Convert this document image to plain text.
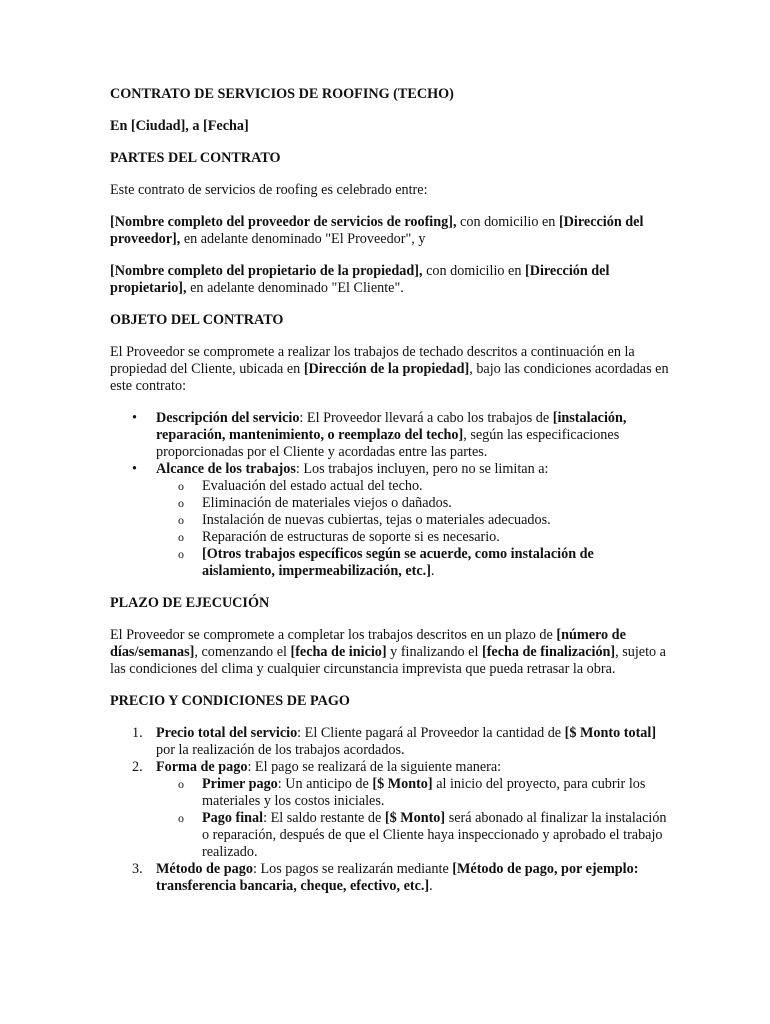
CONTRATO DE SERVICIOS DE ROOFING (TECHO)

En [Ciudad], a [Fecha]

PARTES DEL CONTRATO

Este contrato de servicios de roofing es celebrado entre:

[Nombre completo del proveedor de servicios de roofing], con domicilio en [Dirección del proveedor], en adelante denominado "El Proveedor", y

[Nombre completo del propietario de la propiedad], con domicilio en [Dirección del propietario], en adelante denominado "El Cliente".

OBJETO DEL CONTRATO

El Proveedor se compromete a realizar los trabajos de techado descritos a continuación en la propiedad del Cliente, ubicada en [Dirección de la propiedad], bajo las condiciones acordadas en este contrato:

• Descripción del servicio: El Proveedor llevará a cabo los trabajos de [instalación, reparación, mantenimiento, o reemplazo del techo], según las especificaciones proporcionadas por el Cliente y acordadas entre las partes.
• Alcance de los trabajos: Los trabajos incluyen, pero no se limitan a:
o Evaluación del estado actual del techo.
o Eliminación de materiales viejos o dañados.
o Instalación de nuevas cubiertas, tejas o materiales adecuados.
o Reparación de estructuras de soporte si es necesario.
o [Otros trabajos específicos según se acuerde, como instalación de aislamiento, impermeabilización, etc.].

PLAZO DE EJECUCIÓN

El Proveedor se compromete a completar los trabajos descritos en un plazo de [número de días/semanas], comenzando el [fecha de inicio] y finalizando el [fecha de finalización], sujeto a las condiciones del clima y cualquier circunstancia imprevista que pueda retrasar la obra.

PRECIO Y CONDICIONES DE PAGO

1. Precio total del servicio: El Cliente pagará al Proveedor la cantidad de [$ Monto total] por la realización de los trabajos acordados.
2. Forma de pago: El pago se realizará de la siguiente manera:
o Primer pago: Un anticipo de [$ Monto] al inicio del proyecto, para cubrir los materiales y los costos iniciales.
o Pago final: El saldo restante de [$ Monto] será abonado al finalizar la instalación o reparación, después de que el Cliente haya inspeccionado y aprobado el trabajo realizado.
3. Método de pago: Los pagos se realizarán mediante [Método de pago, por ejemplo: transferencia bancaria, cheque, efectivo, etc.].
